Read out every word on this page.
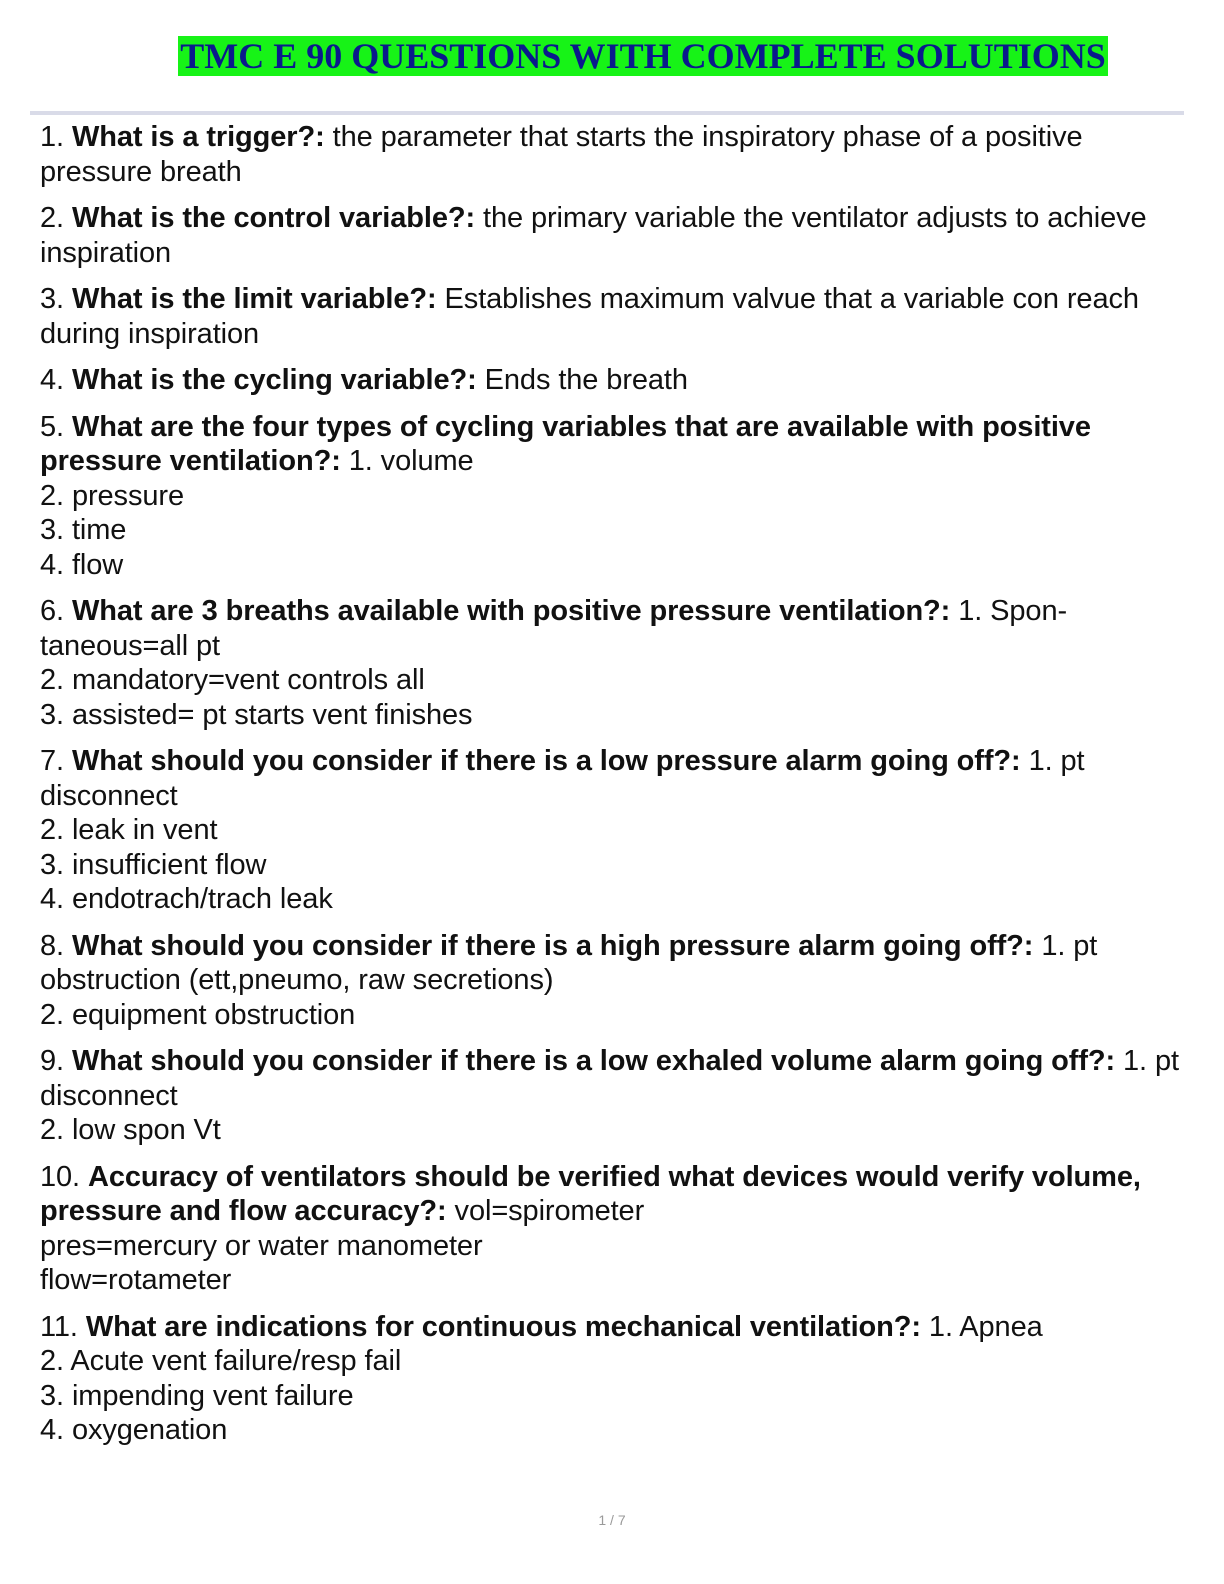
TMC E 90 QUESTIONS WITH COMPLETE SOLUTIONS
1. What is a trigger?: the parameter that starts the inspiratory phase of a positive pressure breath
2. What is the control variable?: the primary variable the ventilator adjusts to achieve inspiration
3. What is the limit variable?: Establishes maximum valvue that a variable con reach during inspiration
4. What is the cycling variable?: Ends the breath
5. What are the four types of cycling variables that are available with positive pressure ventilation?: 1. volume
2. pressure
3. time
4. flow
6. What are 3 breaths available with positive pressure ventilation?: 1. Spon- taneous=all pt
2. mandatory=vent controls all
3. assisted= pt starts vent finishes
7. What should you consider if there is a low pressure alarm going off?: 1. pt disconnect
2. leak in vent
3. insufficient flow
4. endotrach/trach leak
8. What should you consider if there is a high pressure alarm going off?: 1. pt obstruction (ett,pneumo, raw secretions)
2. equipment obstruction
9. What should you consider if there is a low exhaled volume alarm going off?: 1. pt disconnect
2. low spon Vt
10. Accuracy of ventilators should be verified what devices would verify volume, pressure and flow accuracy?: vol=spirometer
pres=mercury or water manometer
flow=rotameter
11. What are indications for continuous mechanical ventilation?: 1. Apnea
2. Acute vent failure/resp fail
3. impending vent failure
4. oxygenation
1 / 7
